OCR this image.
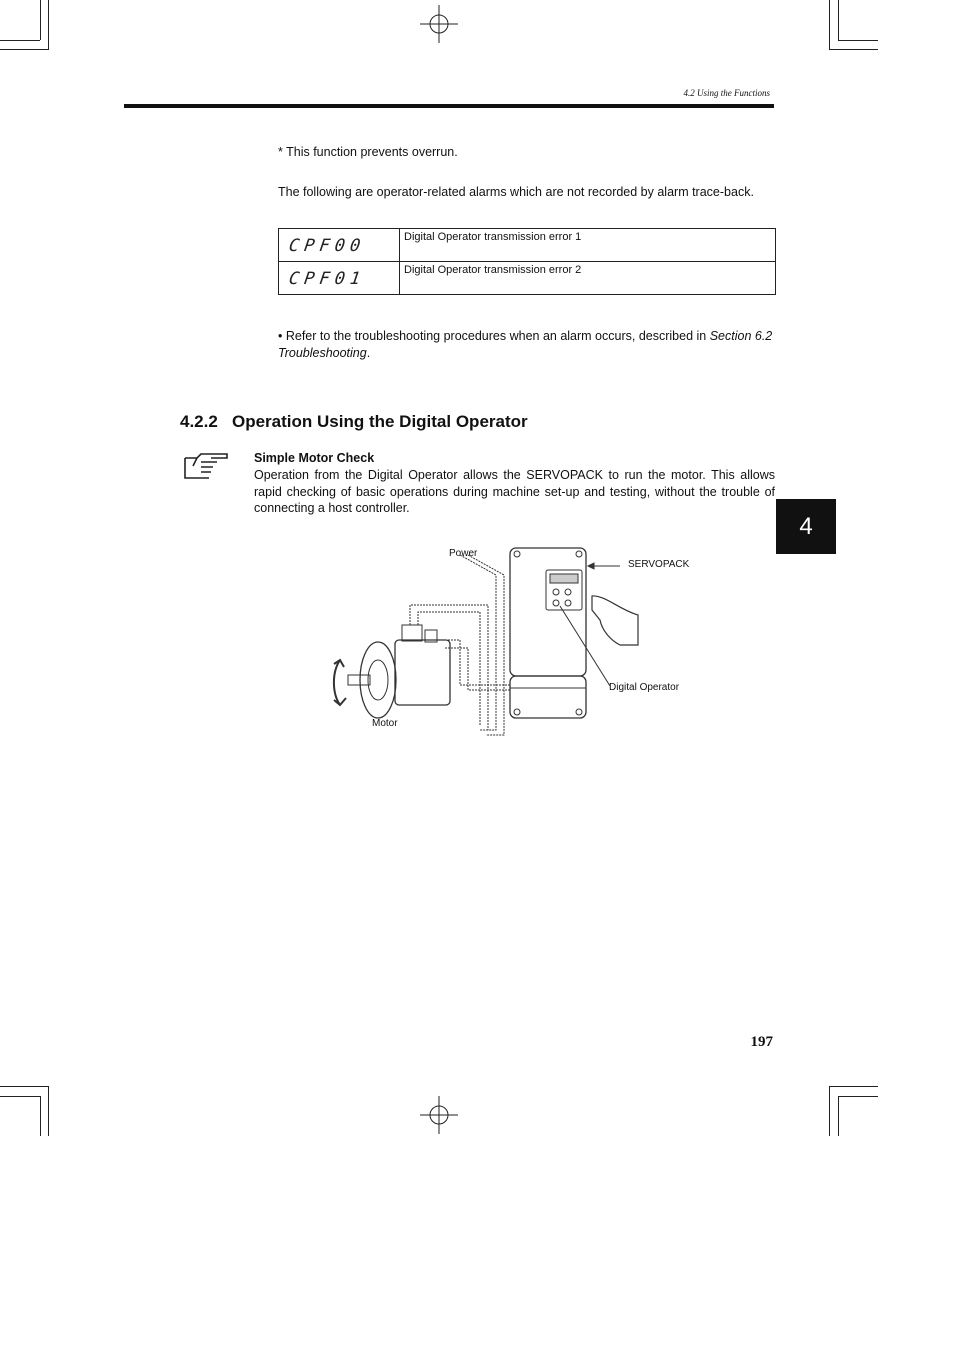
4.2 Using the Functions
* This function prevents overrun.
The following are operator-related alarms which are not recorded by alarm trace-back.
CPF00	Digital Operator transmission error 1
CPF01	Digital Operator transmission error 2
• Refer to the troubleshooting procedures when an alarm occurs, described in Section 6.2 Troubleshooting.
4.2.2 Operation Using the Digital Operator
Simple Motor Check
Operation from the Digital Operator allows the SERVOPACK to run the motor. This allows rapid checking of basic operations during machine set-up and testing, without the trouble of connecting a host controller.
4
Power
SERVOPACK
Digital Operator
Motor
197
